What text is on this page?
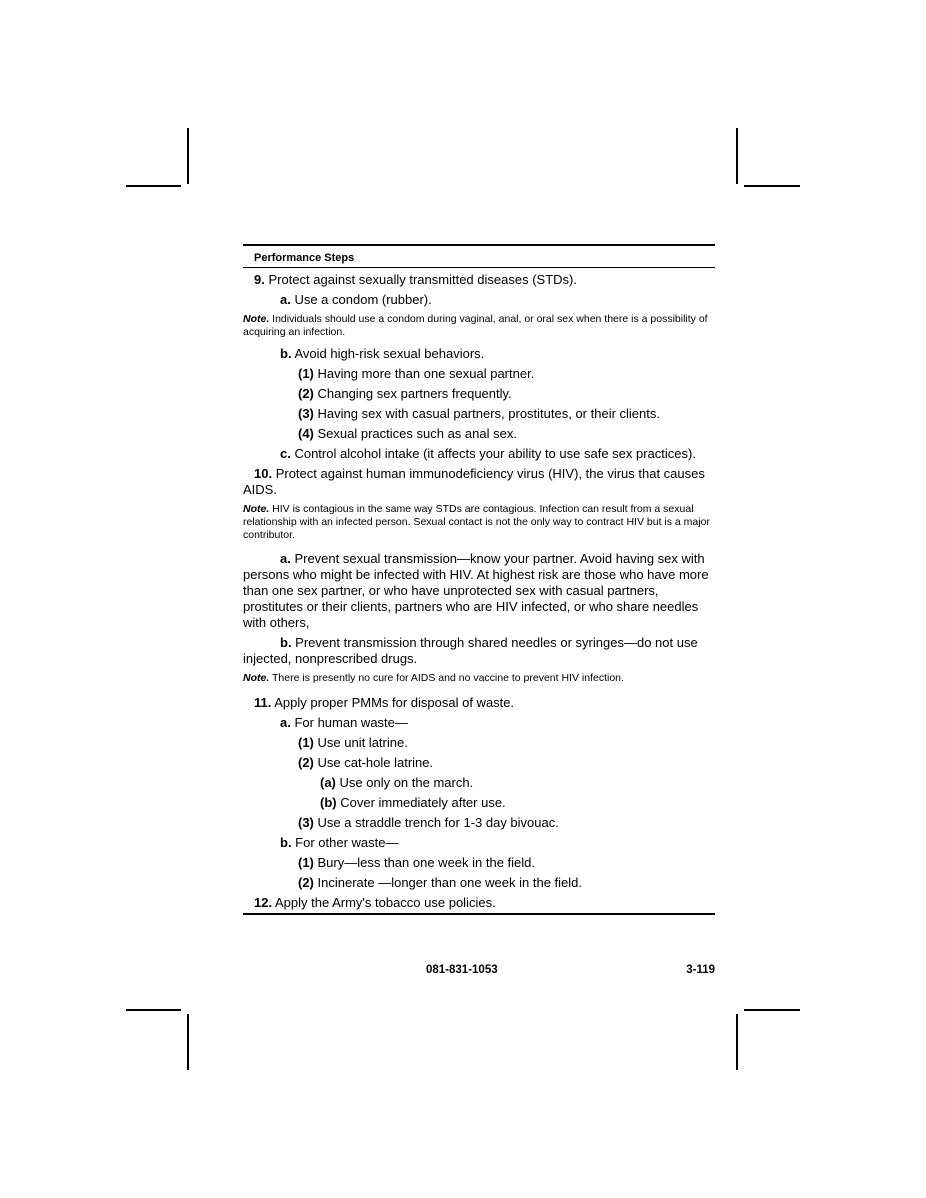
Performance Steps
9. Protect against sexually transmitted diseases (STDs).
a. Use a condom (rubber).
Note. Individuals should use a condom during vaginal, anal, or oral sex when there is a possibility of acquiring an infection.
b. Avoid high-risk sexual behaviors.
(1) Having more than one sexual partner.
(2) Changing sex partners frequently.
(3) Having sex with casual partners, prostitutes, or their clients.
(4) Sexual practices such as anal sex.
c. Control alcohol intake (it affects your ability to use safe sex practices).
10. Protect against human immunodeficiency virus (HIV), the virus that causes AIDS.
Note. HIV is contagious in the same way STDs are contagious. Infection can result from a sexual relationship with an infected person. Sexual contact is not the only way to contract HIV but is a major contributor.
a. Prevent sexual transmission—know your partner. Avoid having sex with persons who might be infected with HIV. At highest risk are those who have more than one sex partner, or who have unprotected sex with casual partners, prostitutes or their clients, partners who are HIV infected, or who share needles with others,
b. Prevent transmission through shared needles or syringes—do not use injected, nonprescribed drugs.
Note. There is presently no cure for AIDS and no vaccine to prevent HIV infection.
11. Apply proper PMMs for disposal of waste.
a. For human waste—
(1) Use unit latrine.
(2) Use cat-hole latrine.
(a) Use only on the march.
(b) Cover immediately after use.
(3) Use a straddle trench for 1-3 day bivouac.
b. For other waste—
(1) Bury—less than one week in the field.
(2) Incinerate —longer than one week in the field.
12. Apply the Army's tobacco use policies.
081-831-1053	3-119
